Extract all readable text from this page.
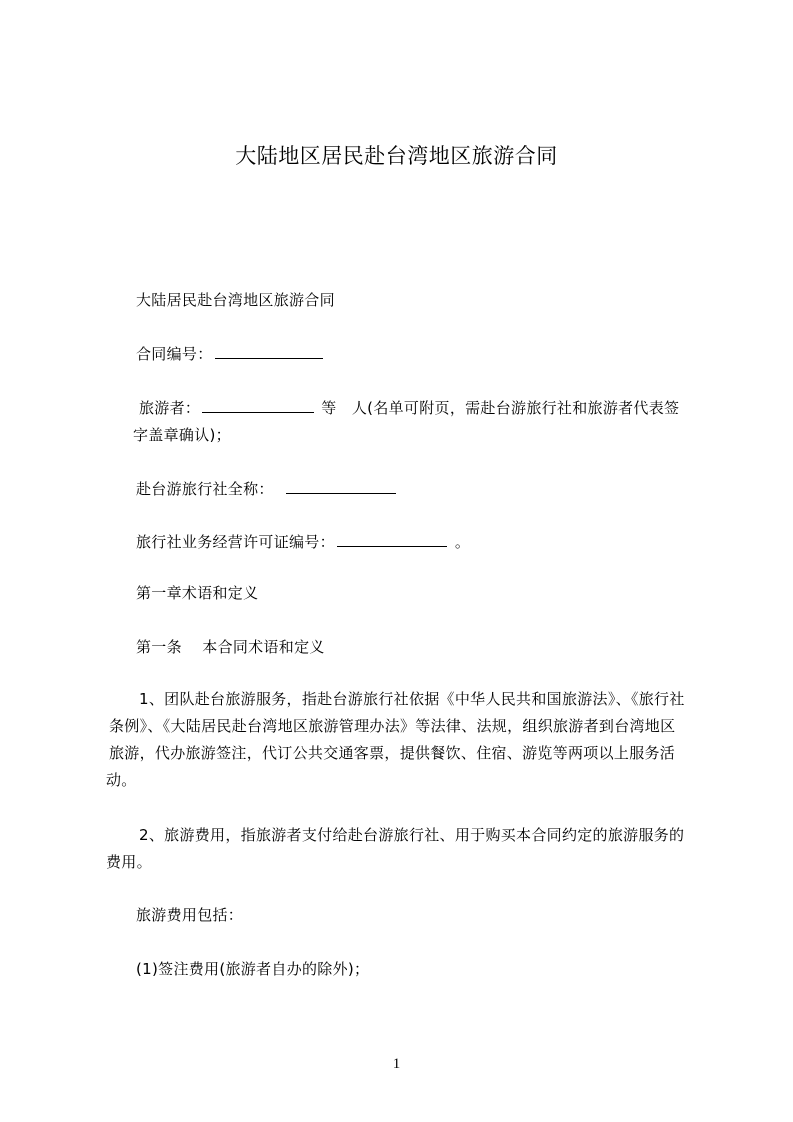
大陆地区居民赴台湾地区旅游合同

大陆居民赴台湾地区旅游合同

合同编号：

旅游者：	等　人(名单可附页，需赴台游旅行社和旅游者代表签
字盖章确认)；

赴台游旅行社全称：

旅行社业务经营许可证编号：	。

第一章术语和定义

第一条　 本合同术语和定义

1、团队赴台旅游服务，指赴台游旅行社依据《中华人民共和国旅游法》、《旅行社
条例》、《大陆居民赴台湾地区旅游管理办法》等法律、法规，组织旅游者到台湾地区
旅游，代办旅游签注，代订公共交通客票，提供餐饮、住宿、游览等两项以上服务活
动。
2、旅游费用，指旅游者支付给赴台游旅行社、用于购买本合同约定的旅游服务的
费用。

旅游费用包括：

(1)签注费用(旅游者自办的除外)；

1
